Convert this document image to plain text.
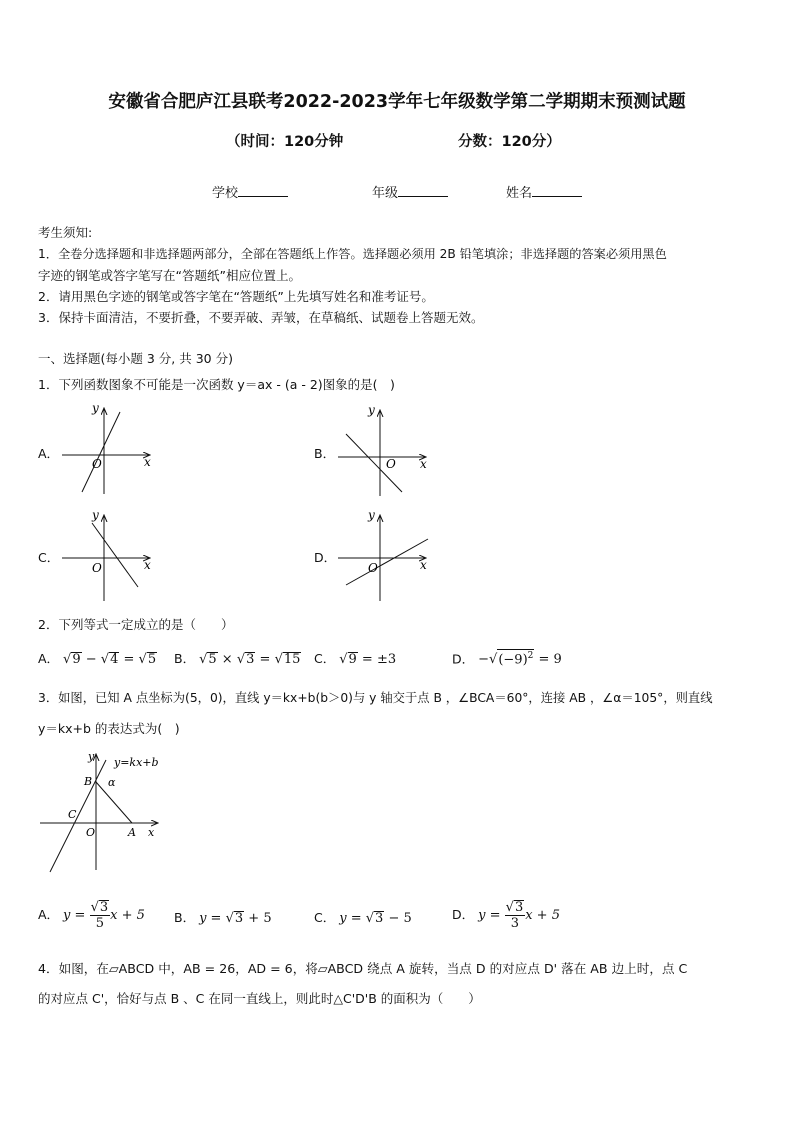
安徽省合肥庐江县联考2022-2023学年七年级数学第二学期期末预测试题
（时间：120分钟	分数：120分）
学校	年级	姓名
考生须知:
1．全卷分选择题和非选择题两部分，全部在答题纸上作答。选择题必须用 2B 铅笔填涂；非选择题的答案必须用黑色
字迹的钢笔或答字笔写在“答题纸”相应位置上。
2．请用黑色字迹的钢笔或答字笔在“答题纸”上先填写姓名和准考证号。
3．保持卡面清洁，不要折叠，不要弄破、弄皱，在草稿纸、试题卷上答题无效。
一、选择题(每小题 3 分, 共 30 分)
1．下列函数图象不可能是一次函数 y＝ax - (a - 2)图象的是(　)
A．
x
y
O
B．
x
y
O
C．	x
y
O
D．	x
y
O
2．下列等式一定成立的是（　　）
A． √9 − √4 = √5 B． √5 × √3 = √15 C． √9 = ±3	D． $-√(-9)^2 = 9$
3．如图，已知 A 点坐标为(5，0)，直线 y＝kx+b(b＞0)与 y 轴交于点 B ，∠BCA＝60°，连接 AB ，∠α＝105°，则直线
y＝kx+b 的表达式为(　)
y
x
B α
y=kx+b
C
O	A
A． $y = \frac{√3}{5}$ x + 5 B． y = √3 + 5	C． y = √3 − 5	D． $y = \frac{√3}{3}$ x + 5
4．如图，在▱ABCD 中，AB = 26，AD = 6，将▱ABCD 绕点 A 旋转，当点 D 的对应点 D' 落在 AB 边上时，点 C
的对应点 C'，恰好与点 B 、C 在同一直线上，则此时△C'D'B 的面积为（　　）
